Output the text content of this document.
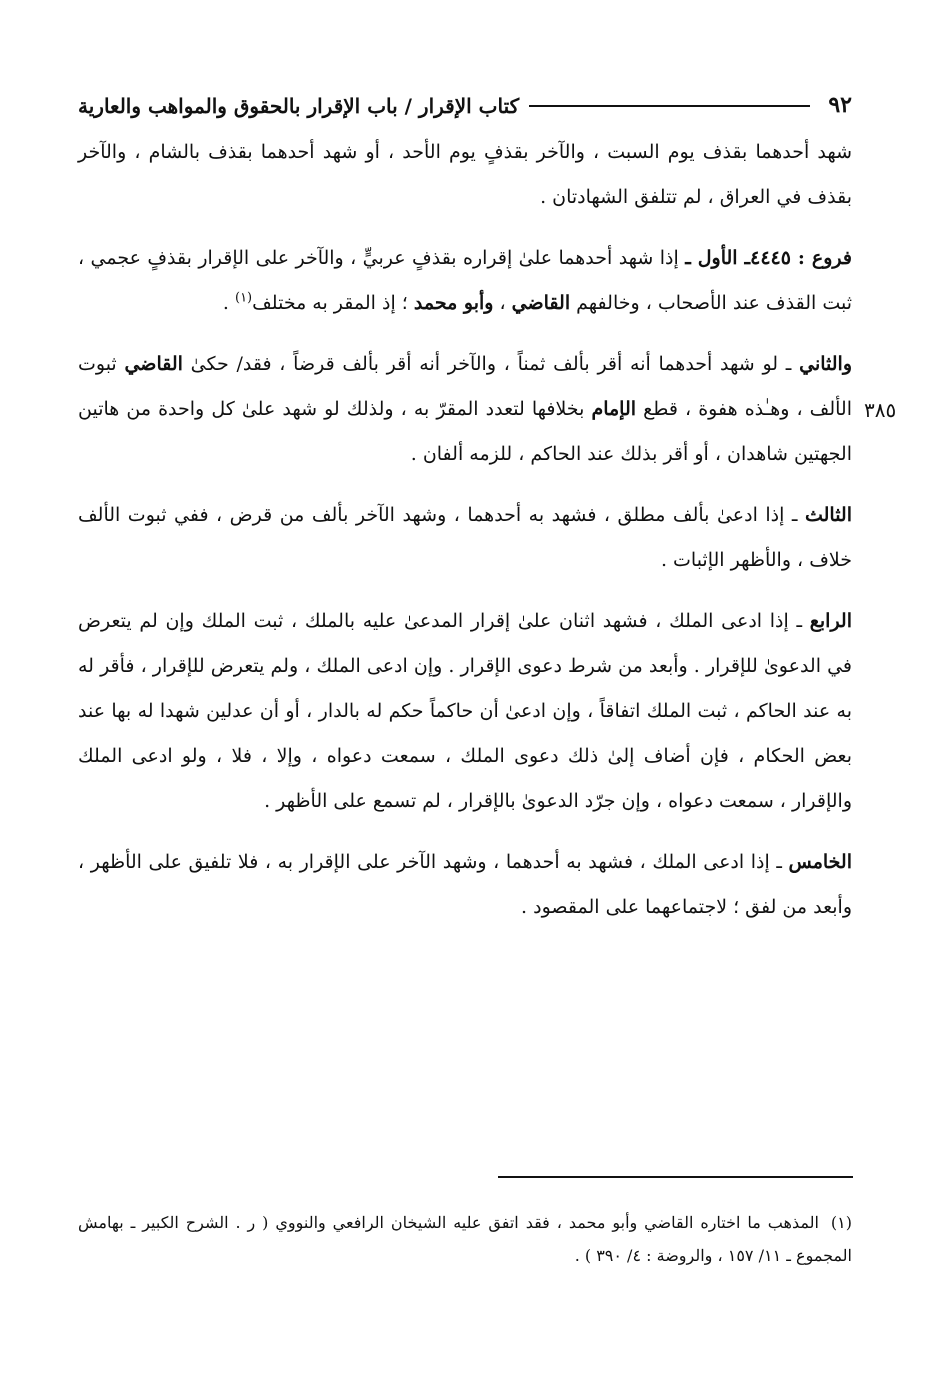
٩٢
كتاب الإقرار / باب الإقرار بالحقوق والمواهب والعارية
٣٨٥

شهد أحدهما بقذف يوم السبت ، والآخر بقذفٍ يوم الأحد ، أو شهد أحدهما بقذف بالشام ، والآخر بقذف في العراق ، لم تتلفق الشهادتان .

فروع : ٤٤٤٥ـ الأول ـ إذا شهد أحدهما علىٰ إقراره بقذفٍ عربيٍّ ، والآخر على الإقرار بقذفٍ عجمي ، ثبت القذف عند الأصحاب ، وخالفهم القاضي ، وأبو محمد ؛ إذ المقر به مختلف$^{(١)}$ .

والثاني ـ لو شهد أحدهما أنه أقر بألف ثمناً ، والآخر أنه أقر بألف قرضاً ، فقد/ حكىٰ القاضي ثبوت الألف ، وهـٰذه هفوة ، قطع الإمام بخلافها لتعدد المقرّ به ، ولذلك لو شهد علىٰ كل واحدة من هاتين الجهتين شاهدان ، أو أقر بذلك عند الحاكم ، للزمه ألفان .

الثالث ـ إذا ادعىٰ بألف مطلق ، فشهد به أحدهما ، وشهد الآخر بألف من قرض ، ففي ثبوت الألف خلاف ، والأظهر الإثبات .

الرابع ـ إذا ادعى الملك ، فشهد اثنان علىٰ إقرار المدعىٰ عليه بالملك ، ثبت الملك وإن لم يتعرض في الدعوىٰ للإقرار . وأبعد من شرط دعوى الإقرار . وإن ادعى الملك ، ولم يتعرض للإقرار ، فأقر له به عند الحاكم ، ثبت الملك اتفاقاً ، وإن ادعىٰ أن حاكماً حكم له بالدار ، أو أن عدلين شهدا له بها عند بعض الحكام ، فإن أضاف إلىٰ ذلك دعوى الملك ، سمعت دعواه ، وإلا ، فلا ، ولو ادعى الملك والإقرار ، سمعت دعواه ، وإن جرّد الدعوىٰ بالإقرار ، لم تسمع على الأظهر .

الخامس ـ إذا ادعى الملك ، فشهد به أحدهما ، وشهد الآخر على الإقرار به ، فلا تلفيق على الأظهر ، وأبعد من لفق ؛ لاجتماعهما على المقصود .

(١)المذهب ما اختاره القاضي وأبو محمد ، فقد اتفق عليه الشيخان الرافعي والنووي ( ر . الشرح الكبير ـ بهامش المجموع ـ ١١/ ١٥٧ ، والروضة : ٤/ ٣٩٠ ) .
